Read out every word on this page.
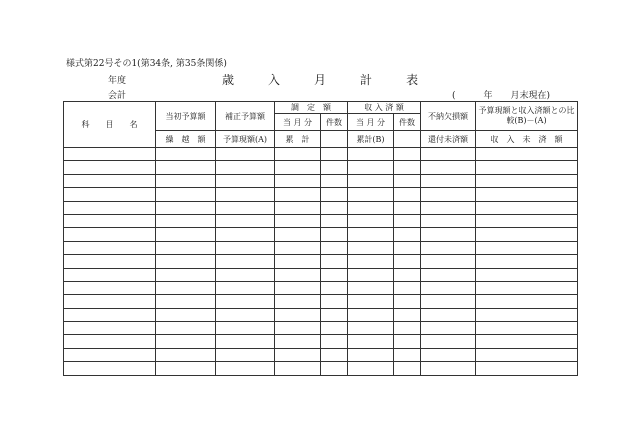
様式第22号その1(第34条, 第35条関係)
年度	歳	入	月	計	表
会計	(	年 月末現在)
科　　目　　名	当初予算額	補正予算額	調　定　額		収 入 済 額		不納欠損額	予算現額と収入済額との比較(B)－(A)
			当 月 分	件数	当 月 分	件数		
	繰　越　額	予算現額(A)	累　計		累計(B)		還付未済額	収　入　未　済　額
